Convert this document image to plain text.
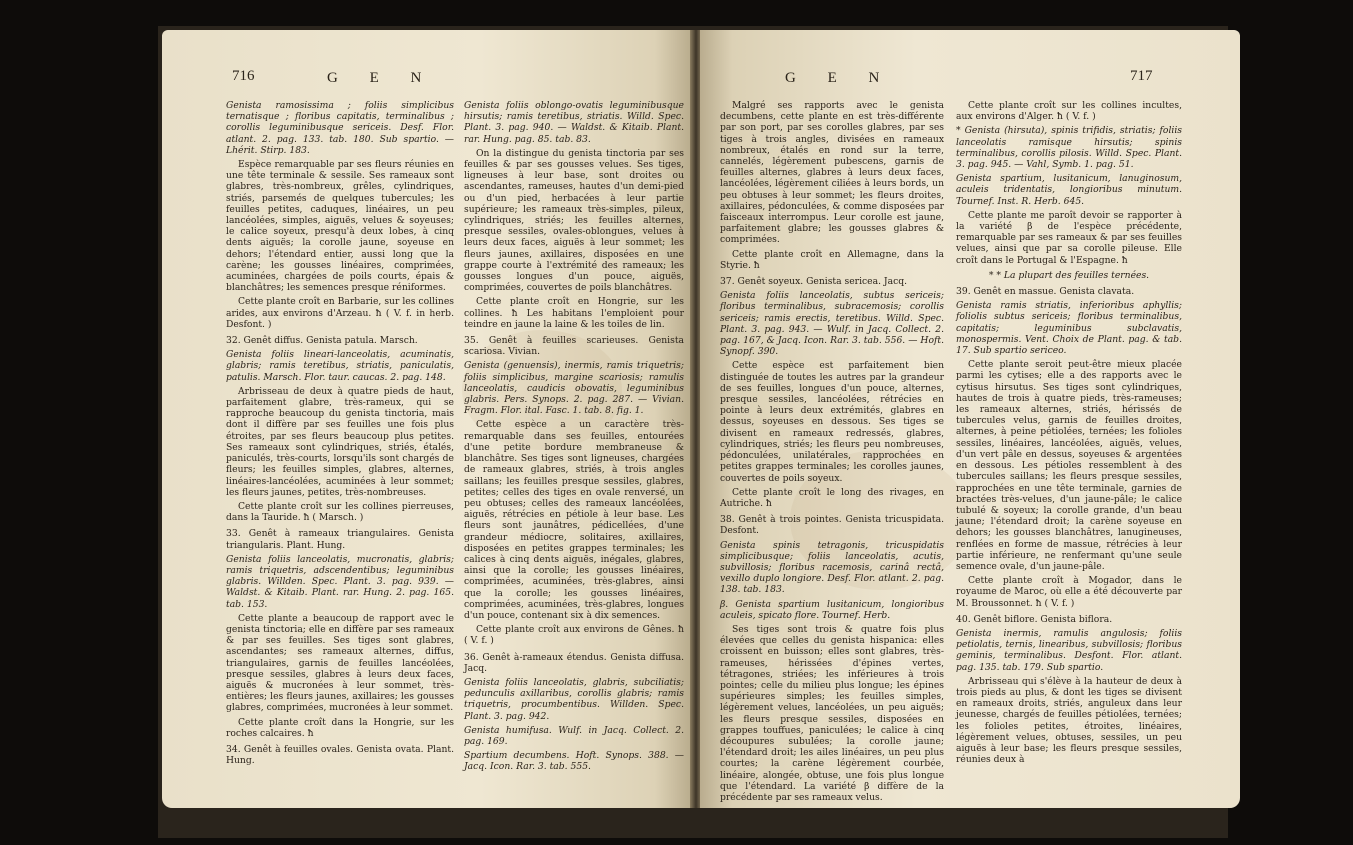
716	G E N

Genista ramosissima ; foliis simplicibus ternatisque ; floribus capitatis, terminalibus ; corollis leguminibusque sericeis. Desf. Flor. atlant. 2. pag. 133. tab. 180. Sub spartio. — Lhérit. Stirp. 183.

Espèce remarquable par ses fleurs réunies en une tête terminale & sessile. Ses rameaux sont glabres, très-nombreux, grêles, cylindriques, striés, parsemés de quelques tubercules; les feuilles petites, caduques, linéaires, un peu lancéolées, simples, aiguës, velues & soyeuses; le calice soyeux, presqu'à deux lobes, à cinq dents aiguës; la corolle jaune, soyeuse en dehors; l'étendard entier, aussi long que la carène; les gousses linéaires, comprimées, acuminées, chargées de poils courts, épais & blanchâtres; les semences presque réniformes.

Cette plante croît en Barbarie, sur les collines arides, aux environs d'Arzeau. ħ ( V. f. in herb. Desfont. )

32. Genêt diffus. Genista patula. Marsch.

Genista foliis lineari-lanceolatis, acuminatis, glabris; ramis teretibus, striatis, paniculatis, patulis. Marsch. Flor. taur. caucas. 2. pag. 148.

Arbrisseau de deux à quatre pieds de haut, parfaitement glabre, très-rameux, qui se rapproche beaucoup du genista tinctoria, mais dont il diffère par ses feuilles une fois plus étroites, par ses fleurs beaucoup plus petites. Ses rameaux sont cylindriques, striés, étalés, paniculés, très-courts, lorsqu'ils sont chargés de fleurs; les feuilles simples, glabres, alternes, linéaires-lancéolées, acuminées à leur sommet; les fleurs jaunes, petites, très-nombreuses.

Cette plante croît sur les collines pierreuses, dans la Tauride. ħ ( Marsch. )

33. Genêt à rameaux triangulaires. Genista triangularis. Plant. Hung.

Genista foliis lanceolatis, mucronatis, glabris; ramis triquetris, adscendentibus; leguminibus glabris. Willden. Spec. Plant. 3. pag. 939. — Waldst. & Kitaib. Plant. rar. Hung. 2. pag. 165. tab. 153.

Cette plante a beaucoup de rapport avec le genista tinctoria; elle en diffère par ses rameaux & par ses feuilles. Ses tiges sont glabres, ascendantes; ses rameaux alternes, diffus, triangulaires, garnis de feuilles lancéolées, presque sessiles, glabres à leurs deux faces, aiguës & mucronées à leur sommet, très-entières; les fleurs jaunes, axillaires; les gousses glabres, comprimées, mucronées à leur sommet.

Cette plante croît dans la Hongrie, sur les roches calcaires. ħ

34. Genêt à feuilles ovales. Genista ovata. Plant. Hung.

Genista foliis oblongo-ovatis leguminibusque hirsutis; ramis teretibus, striatis. Willd. Spec. Plant. 3. pag. 940. — Waldst. & Kitaib. Plant. rar. Hung. pag. 85. tab. 83.

On la distingue du genista tinctoria par ses feuilles & par ses gousses velues. Ses tiges, ligneuses à leur base, sont droites ou ascendantes, rameuses, hautes d'un demi-pied ou d'un pied, herbacées à leur partie supérieure; les rameaux très-simples, pileux, cylindriques, striés; les feuilles alternes, presque sessiles, ovales-oblongues, velues à leurs deux faces, aiguës à leur sommet; les fleurs jaunes, axillaires, disposées en une grappe courte à l'extrémité des rameaux; les gousses longues d'un pouce, aiguës, comprimées, couvertes de poils blanchâtres.

Cette plante croît en Hongrie, sur les collines. ħ Les habitans l'emploient pour teindre en jaune la laine & les toiles de lin.

35. Genêt à feuilles scarieuses. Genista scariosa. Vivian.

Genista (genuensis), inermis, ramis triquetris; foliis simplicibus, margine scariosis; ramulis lanceolatis, caudicis obovatis, leguminibus glabris. Pers. Synops. 2. pag. 287. — Vivian. Fragm. Flor. ital. Fasc. 1. tab. 8. fig. 1.

Cette espèce a un caractère très-remarquable dans ses feuilles, entourées d'une petite bordure membraneuse & blanchâtre. Ses tiges sont ligneuses, chargées de rameaux glabres, striés, à trois angles saillans; les feuilles presque sessiles, glabres, petites; celles des tiges en ovale renversé, un peu obtuses; celles des rameaux lancéolées, aiguës, rétrécies en pétiole à leur base. Les fleurs sont jaunâtres, pédicellées, d'une grandeur médiocre, solitaires, axillaires, disposées en petites grappes terminales; les calices à cinq dents aiguës, inégales, glabres, ainsi que la corolle; les gousses linéaires, comprimées, acuminées, très-glabres, ainsi que la corolle; les gousses linéaires, comprimées, acuminées, très-glabres, longues d'un pouce, contenant six à dix semences.

Cette plante croît aux environs de Gênes. ħ ( V. f. )

36. Genêt à-rameaux étendus. Genista diffusa. Jacq.

Genista foliis lanceolatis, glabris, subciliatis; pedunculis axillaribus, corollis glabris; ramis triquetris, procumbentibus. Willden. Spec. Plant. 3. pag. 942.

Genista humifusa. Wulf. in Jacq. Collect. 2. pag. 169.

Spartium decumbens. Hoft. Synops. 388. — Jacq. Icon. Rar. 3. tab. 555.

G E N	717

Malgré ses rapports avec le genista decumbens, cette plante en est très-différente par son port, par ses corolles glabres, par ses tiges à trois angles, divisées en rameaux nombreux, étalés en rond sur la terre, cannelés, légèrement pubescens, garnis de feuilles alternes, glabres à leurs deux faces, lancéolées, légèrement ciliées à leurs bords, un peu obtuses à leur sommet; les fleurs droites, axillaires, pédonculées, & comme disposées par faisceaux interrompus. Leur corolle est jaune, parfaitement glabre; les gousses glabres & comprimées.

Cette plante croît en Allemagne, dans la Styrie. ħ

37. Genêt soyeux. Genista sericea. Jacq.

Genista foliis lanceolatis, subtus sericeis; floribus terminalibus, subracemosis; corollis sericeis; ramis erectis, teretibus. Willd. Spec. Plant. 3. pag. 943. — Wulf. in Jacq. Collect. 2. pag. 167, & Jacq. Icon. Rar. 3. tab. 556. — Hoft. Synopf. 390.

Cette espèce est parfaitement bien distinguée de toutes les autres par la grandeur de ses feuilles, longues d'un pouce, alternes, presque sessiles, lancéolées, rétrécies en pointe à leurs deux extrémités, glabres en dessus, soyeuses en dessous. Ses tiges se divisent en rameaux redressés, glabres, cylindriques, striés; les fleurs peu nombreuses, pédonculées, unilatérales, rapprochées en petites grappes terminales; les corolles jaunes, couvertes de poils soyeux.

Cette plante croît le long des rivages, en Autriche. ħ

38. Genêt à trois pointes. Genista tricuspidata. Desfont.

Genista spinis tetragonis, tricuspidatis simplicibusque; foliis lanceolatis, acutis, subvillosis; floribus racemosis, carinâ rectâ, vexillo duplo longiore. Desf. Flor. atlant. 2. pag. 138. tab. 183.

β. Genista spartium lusitanicum, longioribus aculeis, spicato flore. Tournef. Herb.

Ses tiges sont trois & quatre fois plus élevées que celles du genista hispanica: elles croissent en buisson; elles sont glabres, très-rameuses, hérissées d'épines vertes, tétragones, striées; les inférieures à trois pointes; celle du milieu plus longue; les épines supérieures simples; les feuilles simples, légèrement velues, lancéolées, un peu aiguës; les fleurs presque sessiles, disposées en grappes touffues, paniculées; le calice à cinq découpures subulées; la corolle jaune; l'étendard droit; les ailes linéaires, un peu plus courtes; la carène légèrement courbée, linéaire, alongée, obtuse, une fois plus longue que l'étendard. La variété β diffère de la précédente par ses rameaux velus.

Cette plante croît sur les collines incultes, aux environs d'Alger. ħ ( V. f. )

* Genista (hirsuta), spinis trifidis, striatis; foliis lanceolatis ramisque hirsutis; spinis terminalibus, corollis pilosis. Willd. Spec. Plant. 3. pag. 945. — Vahl, Symb. 1. pag. 51.

Genista spartium, lusitanicum, lanuginosum, aculeis tridentatis, longioribus minutum. Tournef. Inst. R. Herb. 645.

Cette plante me paroît devoir se rapporter à la variété β de l'espèce précédente, remarquable par ses rameaux & par ses feuilles velues, ainsi que par sa corolle pileuse. Elle croît dans le Portugal & l'Espagne. ħ

* * La plupart des feuilles ternées.

39. Genêt en massue. Genista clavata.

Genista ramis striatis, inferioribus aphyllis; foliolis subtus sericeis; floribus terminalibus, capitatis; leguminibus subclavatis, monospermis. Vent. Choix de Plant. pag. & tab. 17. Sub spartio sericeo.

Cette plante seroit peut-être mieux placée parmi les cytises; elle a des rapports avec le cytisus hirsutus. Ses tiges sont cylindriques, hautes de trois à quatre pieds, très-rameuses; les rameaux alternes, striés, hérissés de tubercules velus, garnis de feuilles droites, alternes, à peine pétiolées, ternées; les folioles sessiles, linéaires, lancéolées, aiguës, velues, d'un vert pâle en dessus, soyeuses & argentées en dessous. Les pétioles ressemblent à des tubercules saillans; les fleurs presque sessiles, rapprochées en une tête terminale, garnies de bractées très-velues, d'un jaune-pâle; le calice tubulé & soyeux; la corolle grande, d'un beau jaune; l'étendard droit; la carène soyeuse en dehors; les gousses blanchâtres, lanugineuses, renflées en forme de massue, rétrécies à leur partie inférieure, ne renfermant qu'une seule semence ovale, d'un jaune-pâle.

Cette plante croît à Mogador, dans le royaume de Maroc, où elle a été découverte par M. Broussonnet. ħ ( V. f. )

40. Genêt biflore. Genista biflora.

Genista inermis, ramulis angulosis; foliis petiolatis, ternis, linearibus, subvillosis; floribus geminis, terminalibus. Desfont. Flor. atlant. pag. 135. tab. 179. Sub spartio.

Arbrisseau qui s'élève à la hauteur de deux à trois pieds au plus, & dont les tiges se divisent en rameaux droits, striés, anguleux dans leur jeunesse, chargés de feuilles pétiolées, ternées; les folioles petites, étroites, linéaires, légèrement velues, obtuses, sessiles, un peu aiguës à leur base; les fleurs presque sessiles, réunies deux à
